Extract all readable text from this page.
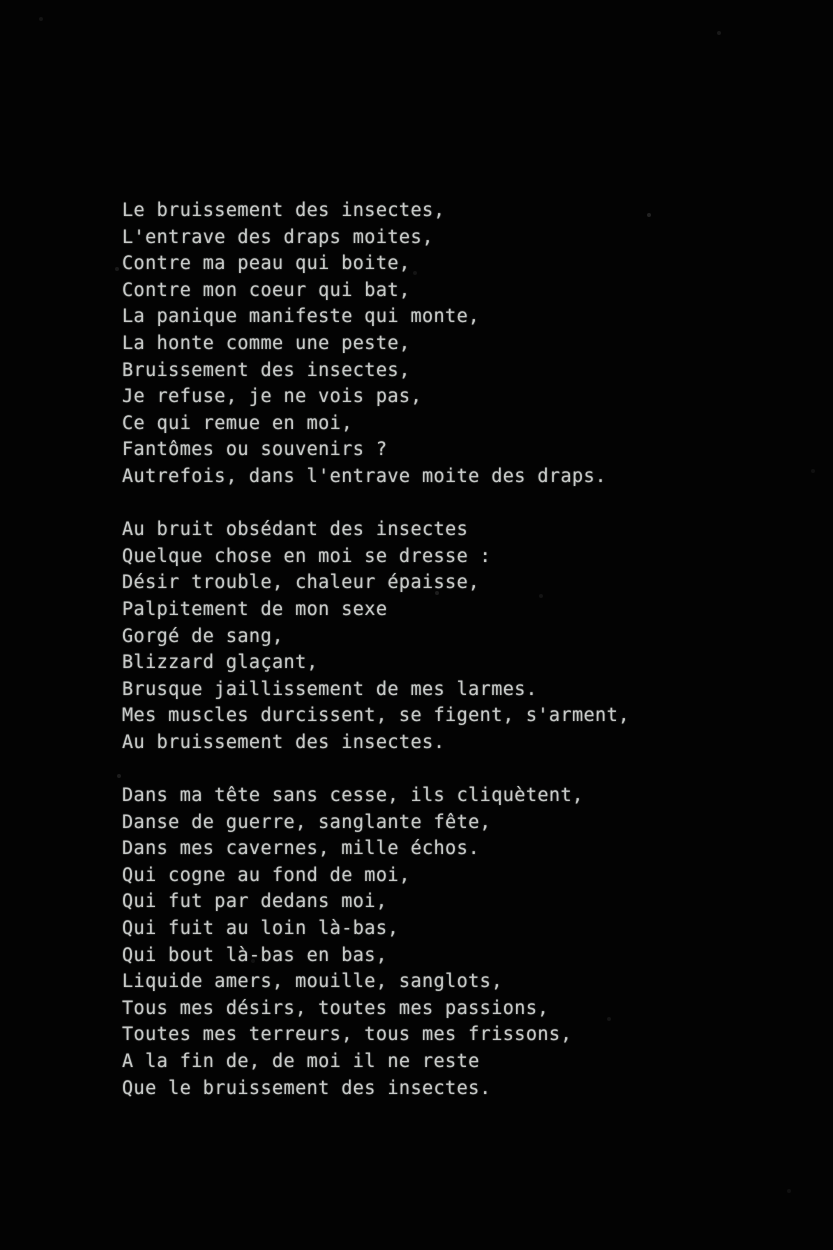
Le bruissement des insectes,

L'entrave des draps moites,

Contre ma peau qui boite,

Contre mon coeur qui bat,

La panique manifeste qui monte,

La honte comme une peste,

Bruissement des insectes,

Je refuse, je ne vois pas,

Ce qui remue en moi,

Fantômes ou souvenirs ?

Autrefois, dans l'entrave moite des draps.

Au bruit obsédant des insectes

Quelque chose en moi se dresse :

Désir trouble, chaleur épaisse,

Palpitement de mon sexe

Gorgé de sang,

Blizzard glaçant,

Brusque jaillissement de mes larmes.

Mes muscles durcissent, se figent, s'arment,

Au bruissement des insectes.

Dans ma tête sans cesse, ils cliquètent,

Danse de guerre, sanglante fête,

Dans mes cavernes, mille échos.

Qui cogne au fond de moi,

Qui fut par dedans moi,

Qui fuit au loin là-bas,

Qui bout là-bas en bas,

Liquide amers, mouille, sanglots,

Tous mes désirs, toutes mes passions,

Toutes mes terreurs, tous mes frissons,

A la fin de, de moi il ne reste

Que le bruissement des insectes.
